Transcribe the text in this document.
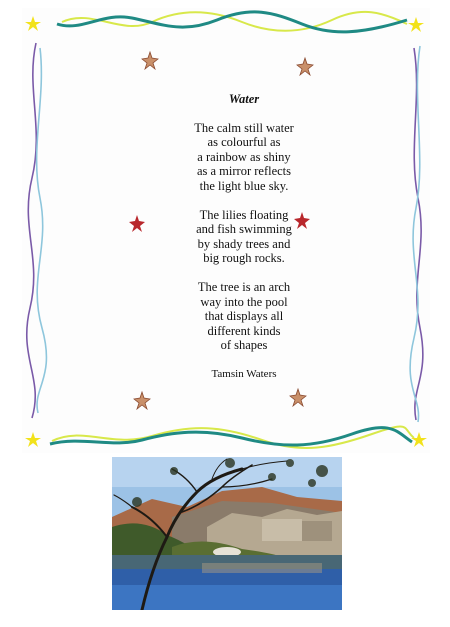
Water
The calm still water
as colourful as
a rainbow as shiny
as a mirror reflects
the light blue sky.
The lilies floating
and fish swimming
by shady trees and
big rough rocks.
The tree is an arch
way into the pool
that displays all
different kinds
of shapes
Tamsin Waters
